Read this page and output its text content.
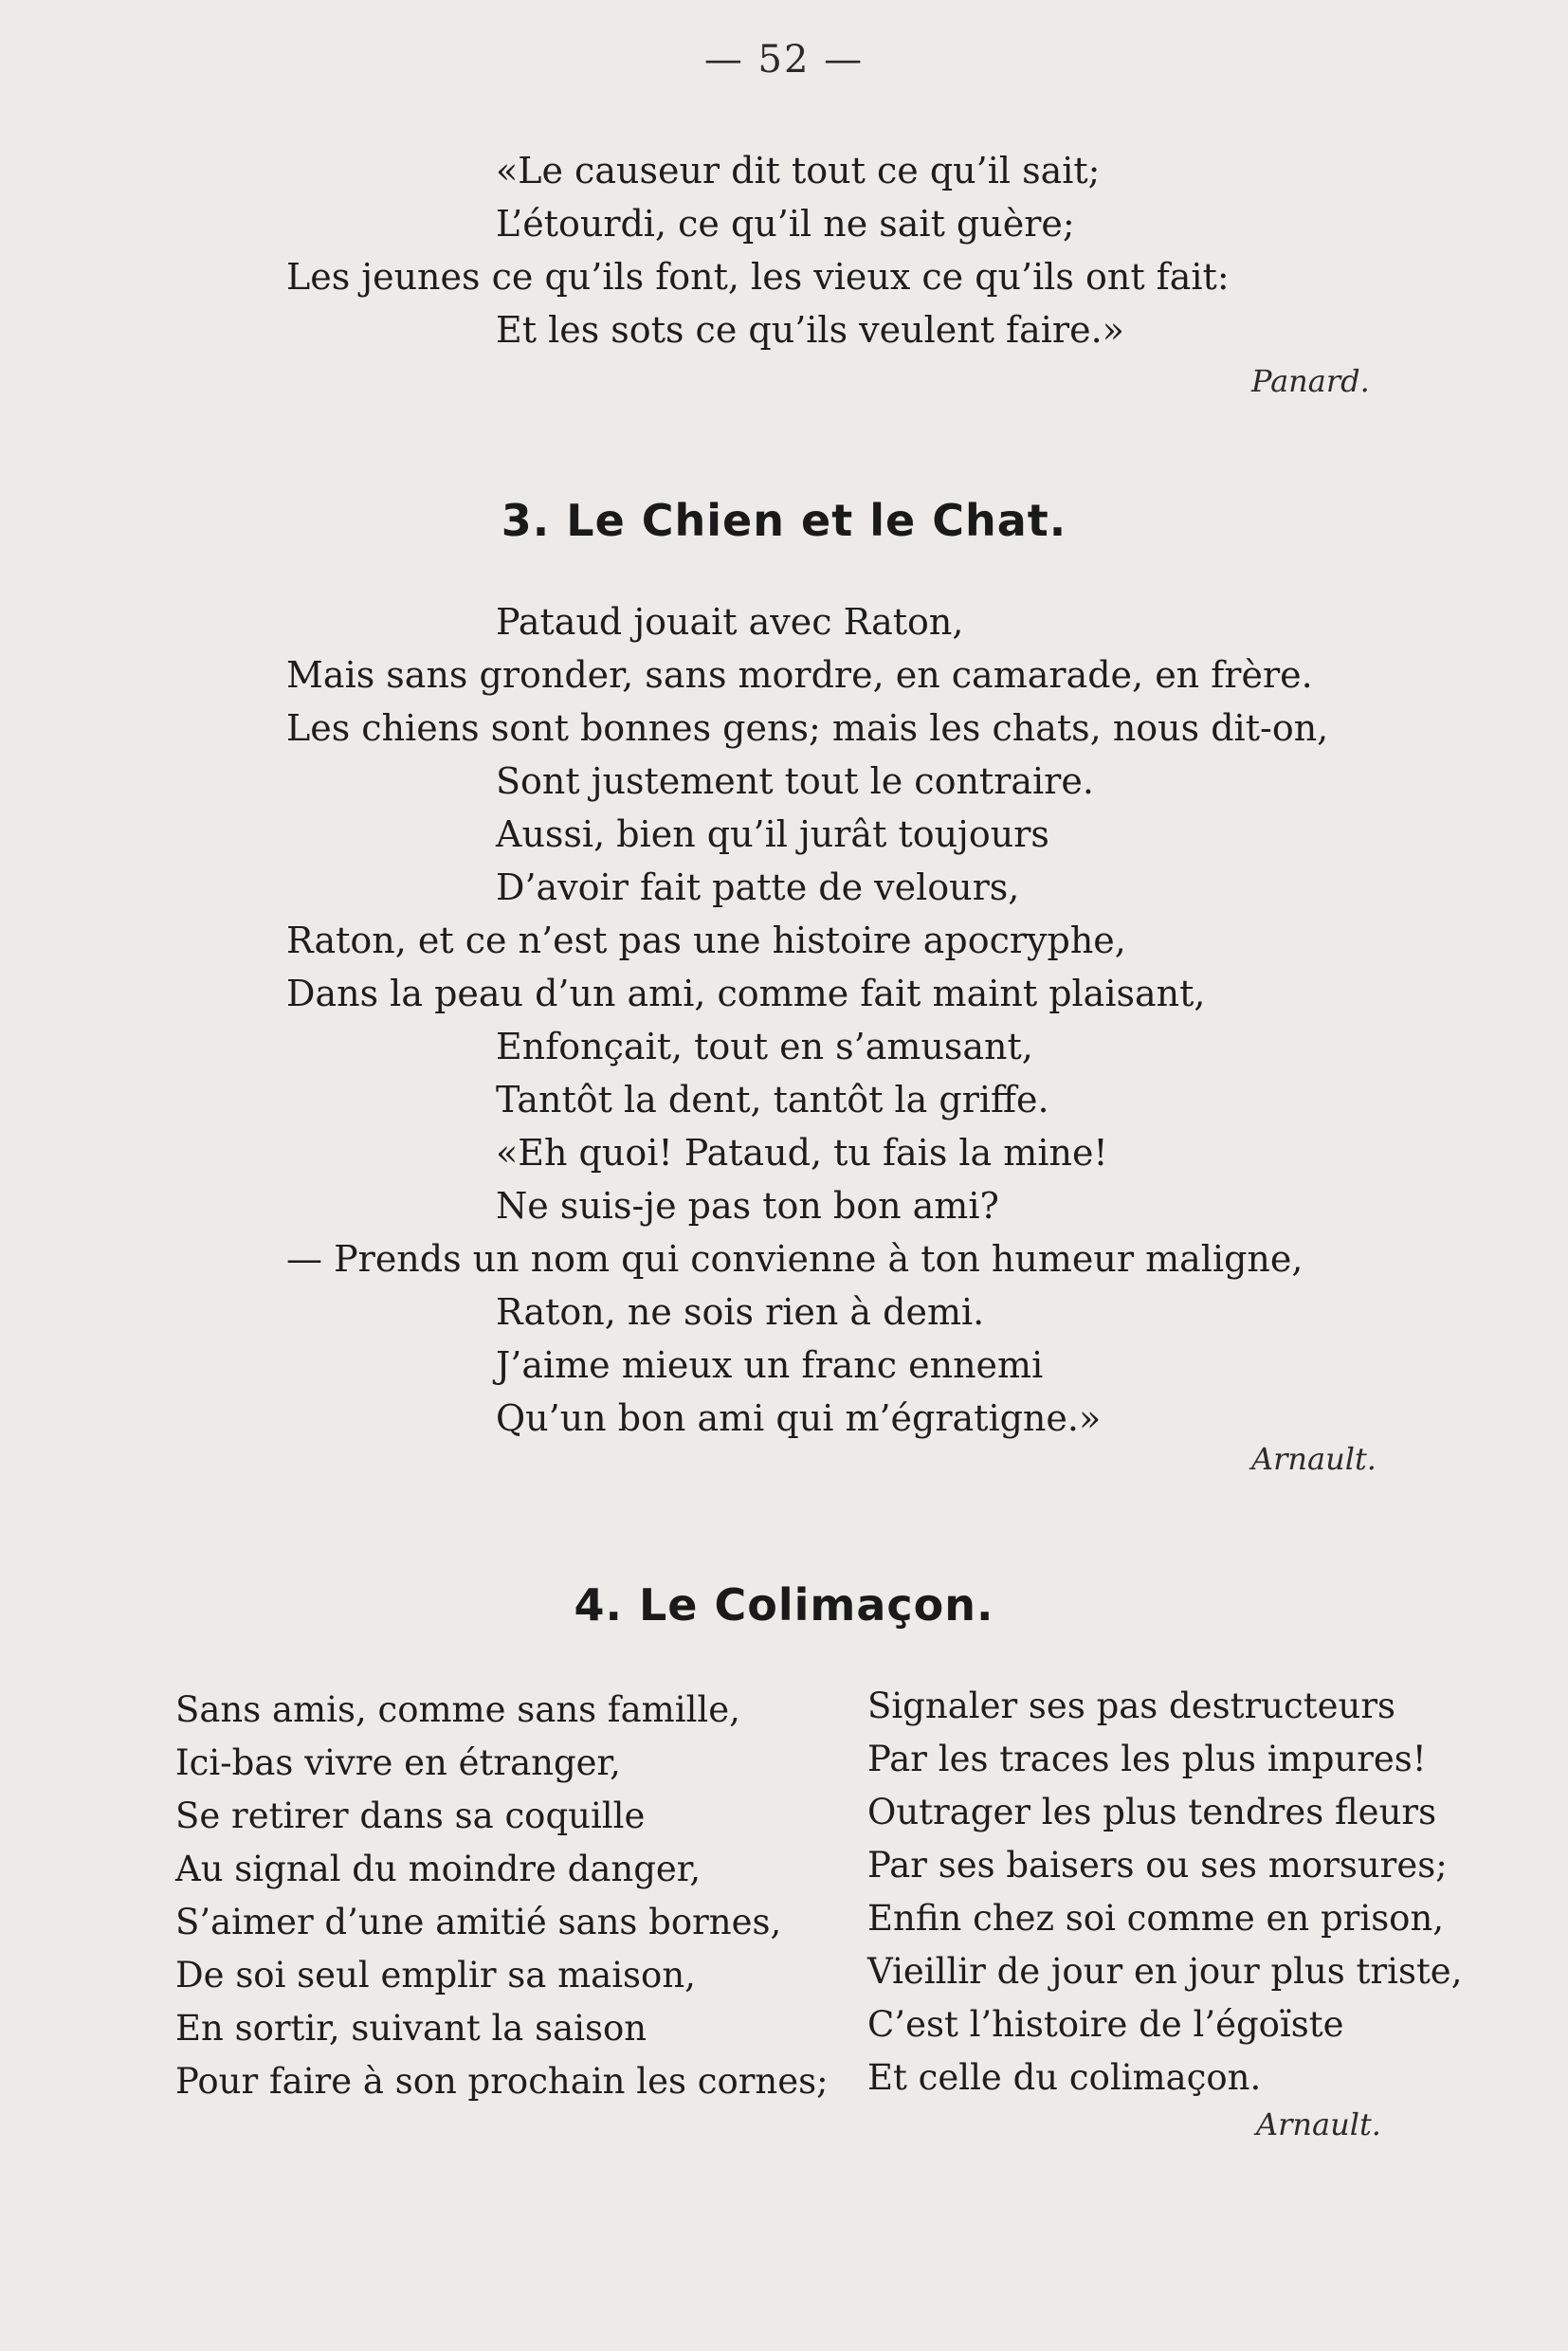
— 52 —
«Le causeur dit tout ce qu’il sait;
L’étourdi, ce qu’il ne sait guère;
Les jeunes ce qu’ils font, les vieux ce qu’ils ont fait:
Et les sots ce qu’ils veulent faire.»
Panard.
3. Le Chien et le Chat.
Pataud jouait avec Raton,
Mais sans gronder, sans mordre, en camarade, en frère.
Les chiens sont bonnes gens; mais les chats, nous dit-on,
Sont justement tout le contraire.
Aussi, bien qu’il jurât toujours
D’avoir fait patte de velours,
Raton, et ce n’est pas une histoire apocryphe,
Dans la peau d’un ami, comme fait maint plaisant,
Enfonçait, tout en s’amusant,
Tantôt la dent, tantôt la griffe.
«Eh quoi! Pataud, tu fais la mine!
Ne suis-je pas ton bon ami?
— Prends un nom qui convienne à ton humeur maligne,
Raton, ne sois rien à demi.
J’aime mieux un franc ennemi
Qu’un bon ami qui m’égratigne.»
Arnault.
4. Le Colimaçon.
Sans amis, comme sans famille,
Ici-bas vivre en étranger,
Se retirer dans sa coquille
Au signal du moindre danger,
S’aimer d’une amitié sans bornes,
De soi seul emplir sa maison,
En sortir, suivant la saison
Pour faire à son prochain les cornes;
Signaler ses pas destructeurs
Par les traces les plus impures!
Outrager les plus tendres fleurs
Par ses baisers ou ses morsures;
Enfin chez soi comme en prison,
Vieillir de jour en jour plus triste,
C’est l’histoire de l’égoïste
Et celle du colimaçon.
Arnault.
